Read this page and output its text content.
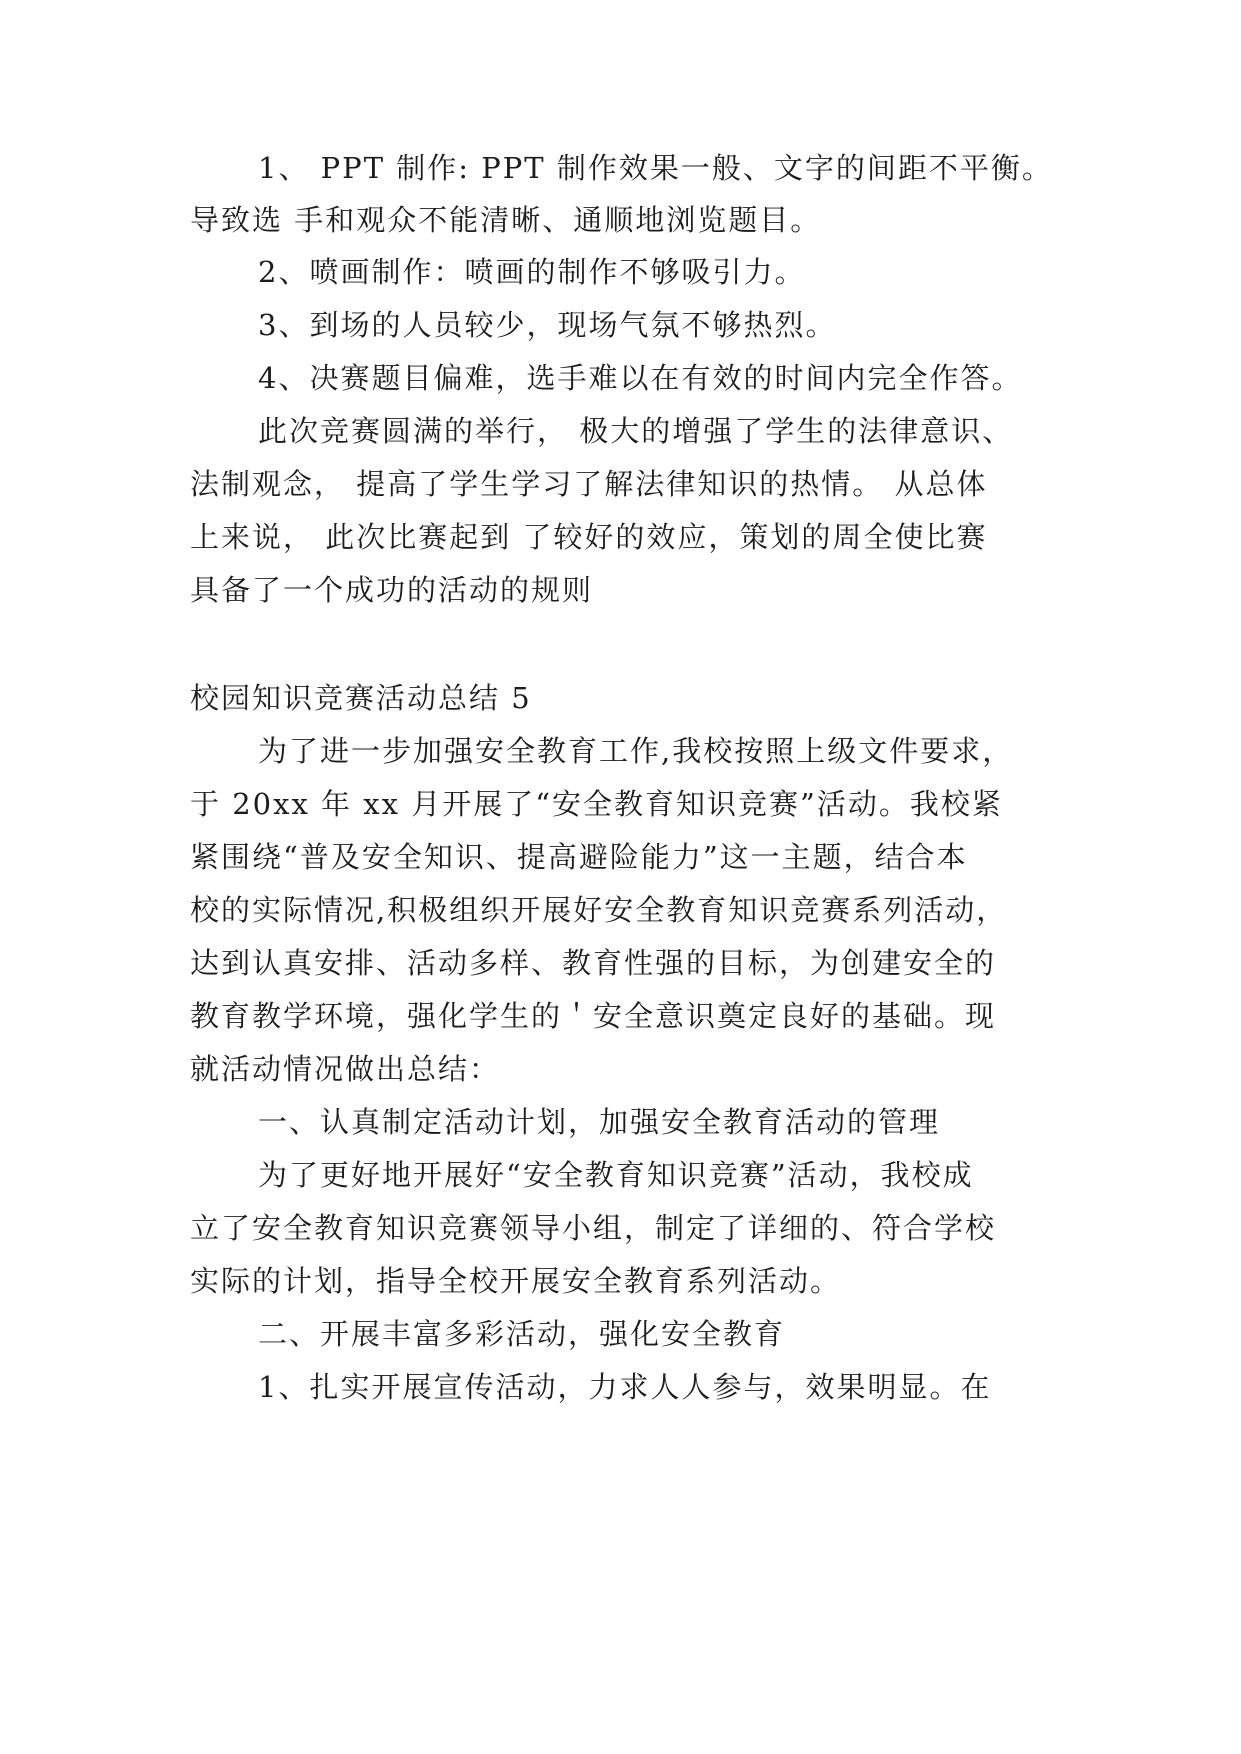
1、 PPT 制作: PPT 制作效果一般、文字的间距不平衡。
导致选 手和观众不能清晰、通顺地浏览题目。
2、喷画制作：喷画的制作不够吸引力。
3、到场的人员较少，现场气氛不够热烈。
4、决赛题目偏难，选手难以在有效的时间内完全作答。
此次竞赛圆满的举行， 极大的增强了学生的法律意识、
法制观念， 提高了学生学习了解法律知识的热情。 从总体
上来说， 此次比赛起到 了较好的效应，策划的周全使比赛
具备了一个成功的活动的规则
校园知识竞赛活动总结 5
为了进一步加强安全教育工作,我校按照上级文件要求，
于 20xx 年 xx 月开展了“安全教育知识竞赛”活动。我校紧
紧围绕“普及安全知识、提高避险能力”这一主题，结合本
校的实际情况,积极组织开展好安全教育知识竞赛系列活动，
达到认真安排、活动多样、教育性强的目标，为创建安全的
教育教学环境，强化学生的＇安全意识奠定良好的基础。现
就活动情况做出总结：
一、认真制定活动计划，加强安全教育活动的管理
为了更好地开展好“安全教育知识竞赛”活动，我校成
立了安全教育知识竞赛领导小组，制定了详细的、符合学校
实际的计划，指导全校开展安全教育系列活动。
二、开展丰富多彩活动，强化安全教育
1、扎实开展宣传活动，力求人人参与，效果明显。在
